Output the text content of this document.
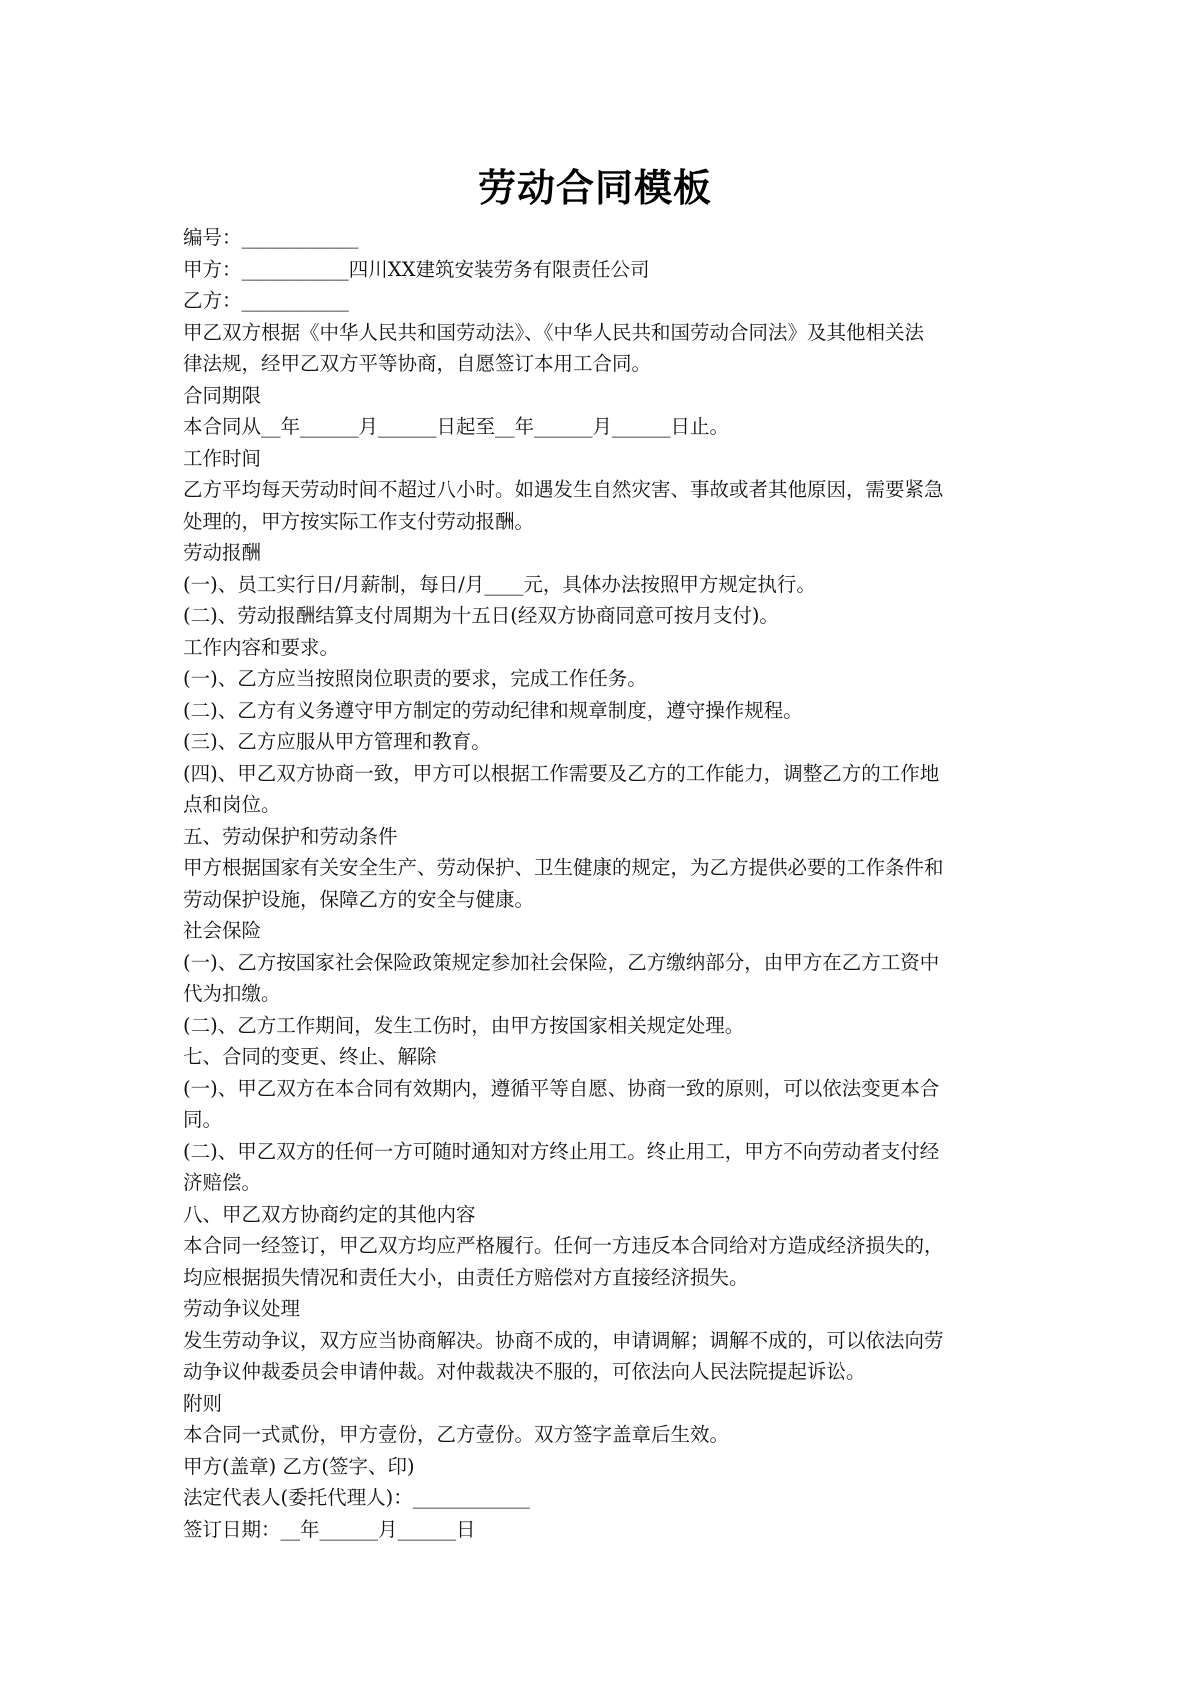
劳动合同模板
编号：____________
甲方：___________四川XX建筑安装劳务有限责任公司
乙方：___________
甲乙双方根据《中华人民共和国劳动法》、《中华人民共和国劳动合同法》及其他相关法
律法规，经甲乙双方平等协商，自愿签订本用工合同。
合同期限
本合同从__年______月______日起至__年______月______日止。
工作时间
乙方平均每天劳动时间不超过八小时。如遇发生自然灾害、事故或者其他原因，需要紧急
处理的，甲方按实际工作支付劳动报酬。
劳动报酬
(一)、员工实行日/月薪制，每日/月____元，具体办法按照甲方规定执行。
(二)、劳动报酬结算支付周期为十五日(经双方协商同意可按月支付)。
工作内容和要求。
(一)、乙方应当按照岗位职责的要求，完成工作任务。
(二)、乙方有义务遵守甲方制定的劳动纪律和规章制度，遵守操作规程。
(三)、乙方应服从甲方管理和教育。
(四)、甲乙双方协商一致，甲方可以根据工作需要及乙方的工作能力，调整乙方的工作地
点和岗位。
五、劳动保护和劳动条件
甲方根据国家有关安全生产、劳动保护、卫生健康的规定，为乙方提供必要的工作条件和
劳动保护设施，保障乙方的安全与健康。
社会保险
(一)、乙方按国家社会保险政策规定参加社会保险，乙方缴纳部分，由甲方在乙方工资中
代为扣缴。
(二)、乙方工作期间，发生工伤时，由甲方按国家相关规定处理。
七、合同的变更、终止、解除
(一)、甲乙双方在本合同有效期内，遵循平等自愿、协商一致的原则，可以依法变更本合
同。
(二)、甲乙双方的任何一方可随时通知对方终止用工。终止用工，甲方不向劳动者支付经
济赔偿。
八、甲乙双方协商约定的其他内容
本合同一经签订，甲乙双方均应严格履行。任何一方违反本合同给对方造成经济损失的，
均应根据损失情况和责任大小，由责任方赔偿对方直接经济损失。
劳动争议处理
发生劳动争议，双方应当协商解决。协商不成的，申请调解；调解不成的，可以依法向劳
动争议仲裁委员会申请仲裁。对仲裁裁决不服的，可依法向人民法院提起诉讼。
附则
本合同一式贰份，甲方壹份，乙方壹份。双方签字盖章后生效。
甲方(盖章) 乙方(签字、印)
法定代表人(委托代理人)：____________
签订日期：__年______月______日
